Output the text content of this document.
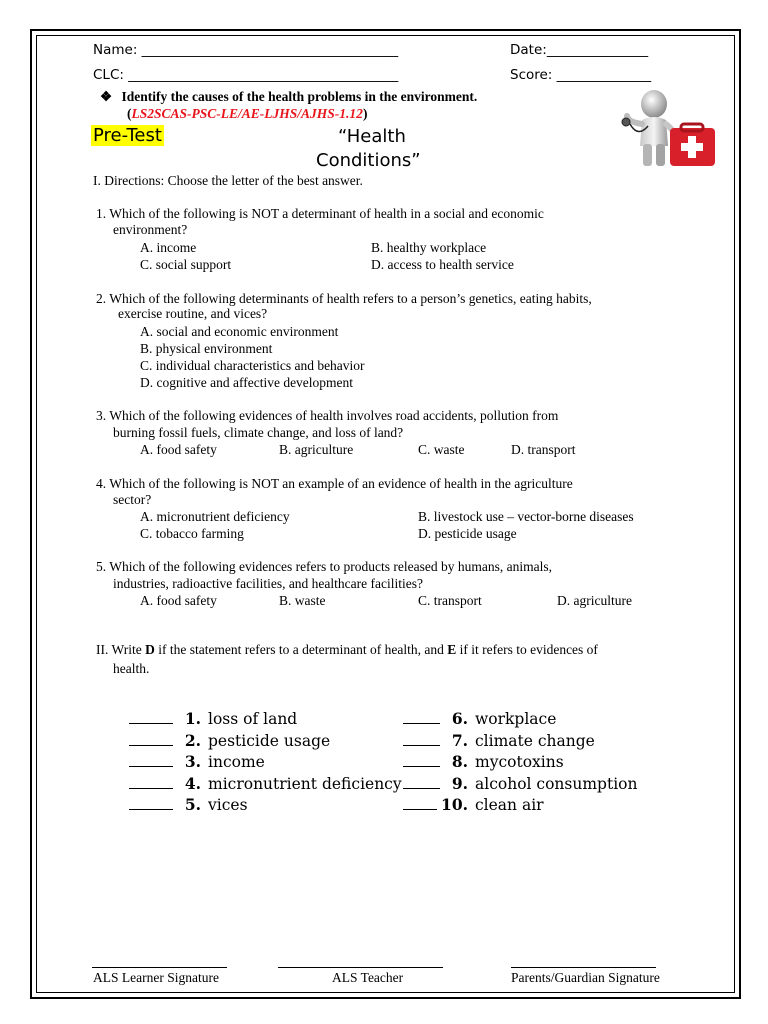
Name: ______________________________________	Date:_______________
CLC: ________________________________________	Score: ______________
❖ Identify the causes of the health problems in the environment.
(LS2SCAS-PSC-LE/AE-LJHS/AJHS-1.12)
Pre-Test	“Health
Conditions”
I. Directions: Choose the letter of the best answer.
1. Which of the following is NOT a determinant of health in a social and economic
environment?
A. income	B. healthy workplace
C. social support	D. access to health service
2. Which of the following determinants of health refers to a person’s genetics, eating habits,
exercise routine, and vices?
A. social and economic environment
B. physical environment
C. individual characteristics and behavior
D. cognitive and affective development
3. Which of the following evidences of health involves road accidents, pollution from
burning fossil fuels, climate change, and loss of land?
A. food safety	B. agriculture	C. waste	D. transport
4. Which of the following is NOT an example of an evidence of health in the agriculture
sector?
A. micronutrient deficiency	B. livestock use – vector-borne diseases
C. tobacco farming	D. pesticide usage
5. Which of the following evidences refers to products released by humans, animals,
industries, radioactive facilities, and healthcare facilities?
A. food safety	B. waste	C. transport	D. agriculture
II. Write D if the statement refers to a determinant of health, and E if it refers to evidences of
health.
1. loss of land
2. pesticide usage
3. income
4. micronutrient deficiency
5. vices
6. workplace
7. climate change
8. mycotoxins
9. alcohol consumption
10. clean air
ALS Learner Signature	ALS Teacher	Parents/Guardian Signature
